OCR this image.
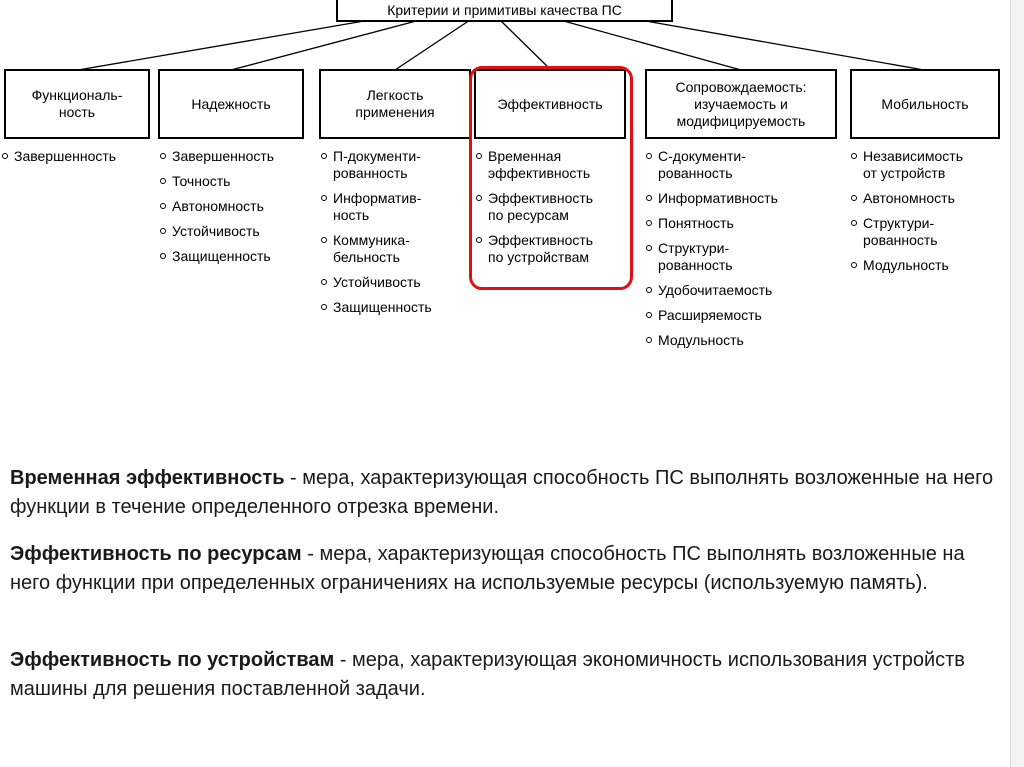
Критерии и примитивы качества ПС
Функциональ-
ность
Надежность
Легкость
применения
Эффективность
Сопровождаемость:
изучаемость и
модифицируемость
Мобильность
Завершенность	Завершенность
Точность
Автономность
Устойчивость
Защищенность
П-документи-
рованность
Информатив-
ность
Коммуника-
бельность
Устойчивость
Защищенность
Временная
эффективность
Эффективность
по ресурсам
Эффективность
по устройствам
С-документи-
рованность
Информативность
Понятность
Структури-
рованность
Удобочитаемость
Расширяемость
Модульность
Независимость
от устройств
Автономность
Структури-
рованность
Модульность
Временная эффективность - мера, характеризующая способность ПС выполнять возложенные на него функции в течение определенного отрезка времени.
Эффективность по ресурсам - мера, характеризующая способность ПС выполнять возложенные на него функции при определенных ограничениях на используемые ресурсы (используемую память).
Эффективность по устройствам - мера, характеризующая экономичность использования устройств машины для решения поставленной задачи.
